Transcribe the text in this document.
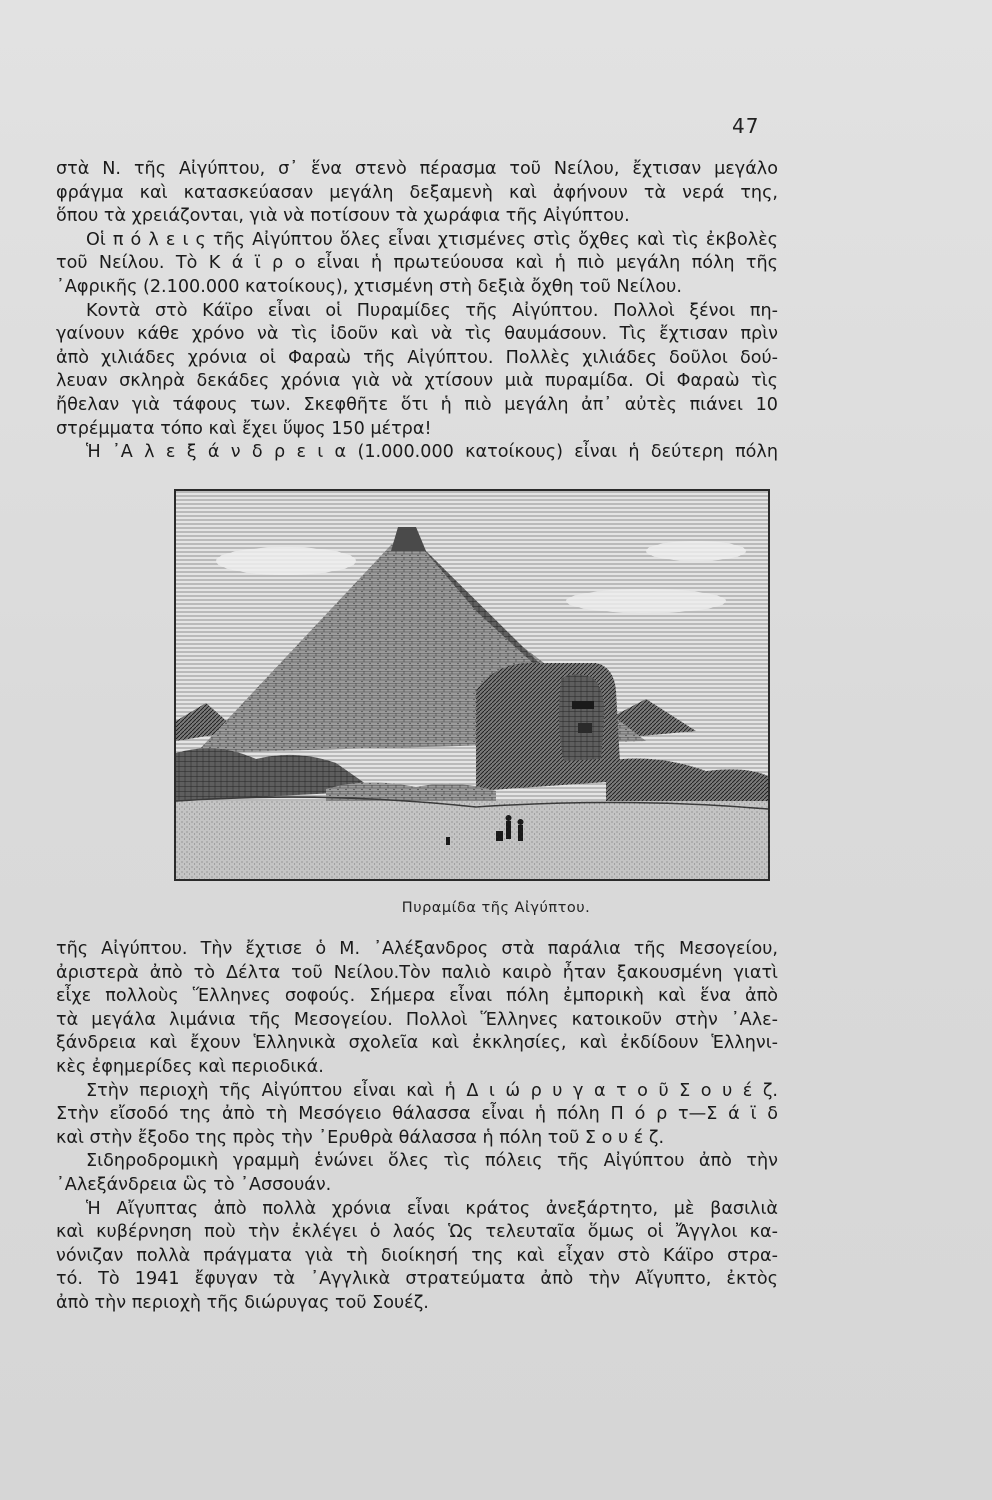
47
στὰ Ν. τῆς Αἰγύπτου, σ᾽ ἕνα στενὸ πέρασμα τοῦ Νείλου, ἔχτισαν μεγάλο
φράγμα καὶ κατασκεύασαν μεγάλη δεξαμενὴ καὶ ἀφήνουν τὰ νερά της,
ὅπου τὰ χρειάζονται, γιὰ νὰ ποτίσουν τὰ χωράφια τῆς Αἰγύπτου.
Οἱ π ό λ ε ι ς τῆς Αἰγύπτου ὅλες εἶναι χτισμένες στὶς ὄχθες καὶ τὶς ἐκβολὲς
τοῦ Νείλου. Τὸ Κ ά ϊ ρ ο εἶναι ἡ πρωτεύουσα καὶ ἡ πιὸ μεγάλη πόλη τῆς
᾽Αφρικῆς (2.100.000 κατοίκους), χτισμένη στὴ δεξιὰ ὄχθη τοῦ Νείλου.
Κοντὰ στὸ Κάϊρο εἶναι οἱ Πυραμίδες τῆς Αἰγύπτου. Πολλοὶ ξένοι πη-
γαίνουν κάθε χρόνο νὰ τὶς ἰδοῦν καὶ νὰ τὶς θαυμάσουν. Τὶς ἔχτισαν πρὶν
ἀπὸ χιλιάδες χρόνια οἱ Φαραὼ τῆς Αἰγύπτου. Πολλὲς χιλιάδες δοῦλοι δού-
λευαν σκληρὰ δεκάδες χρόνια γιὰ νὰ χτίσουν μιὰ πυραμίδα. Οἱ Φαραὼ τὶς
ἤθελαν γιὰ τάφους των. Σκεφθῆτε ὅτι ἡ πιὸ μεγάλη ἀπ᾽ αὐτὲς πιάνει 10
στρέμματα τόπο καὶ ἔχει ὕψος 150 μέτρα!
Ἡ ᾽Α λ ε ξ ά ν δ ρ ε ι α (1.000.000 κατοίκους) εἶναι ἡ δεύτερη πόλη
Πυραμίδα τῆς Αἰγύπτου.
τῆς Αἰγύπτου. Τὴν ἔχτισε ὁ Μ. ᾽Αλέξανδρος στὰ παράλια τῆς Μεσογείου,
ἀριστερὰ ἀπὸ τὸ Δέλτα τοῦ Νείλου.Τὸν παλιὸ καιρὸ ἦταν ξακουσμένη γιατὶ
εἶχε πολλοὺς Ἕλληνες σοφούς. Σήμερα εἶναι πόλη ἐμπορικὴ καὶ ἕνα ἀπὸ
τὰ μεγάλα λιμάνια τῆς Μεσογείου. Πολλοὶ Ἕλληνες κατοικοῦν στὴν ᾽Αλε-
ξάνδρεια καὶ ἔχουν Ἑλληνικὰ σχολεῖα καὶ ἐκκλησίες, καὶ ἐκδίδουν Ἑλληνι-
κὲς ἐφημερίδες καὶ περιοδικά.
Στὴν περιοχὴ τῆς Αἰγύπτου εἶναι καὶ ἡ Δ ι ώ ρ υ γ α τ ο ῦ Σ ο υ έ ζ.
Στὴν εἴσοδό της ἀπὸ τὴ Μεσόγειο θάλασσα εἶναι ἡ πόλη Π ό ρ τ—Σ ά ϊ δ
καὶ στὴν ἔξοδο της πρὸς τὴν ᾽Ερυθρὰ θάλασσα ἡ πόλη τοῦ Σ ο υ έ ζ.
Σιδηροδρομικὴ γραμμὴ ἑνώνει ὅλες τὶς πόλεις τῆς Αἰγύπτου ἀπὸ τὴν
᾽Αλεξάνδρεια ὣς τὸ ᾽Ασσουάν.
Ἡ Αἴγυπτας ἀπὸ πολλὰ χρόνια εἶναι κράτος ἀνεξάρτητο, μὲ βασιλιὰ
καὶ κυβέρνηση ποὺ τὴν ἐκλέγει ὁ λαός Ὡς τελευταῖα ὅμως οἱ Ἄγγλοι κα-
νόνιζαν πολλὰ πράγματα γιὰ τὴ διοίκησή της καὶ εἶχαν στὸ Κάϊρο στρα-
τό. Τὸ 1941 ἔφυγαν τὰ ᾽Αγγλικὰ στρατεύματα ἀπὸ τὴν Αἴγυπτο, ἐκτὸς
ἀπὸ τὴν περιοχὴ τῆς διώρυγας τοῦ Σουέζ.
